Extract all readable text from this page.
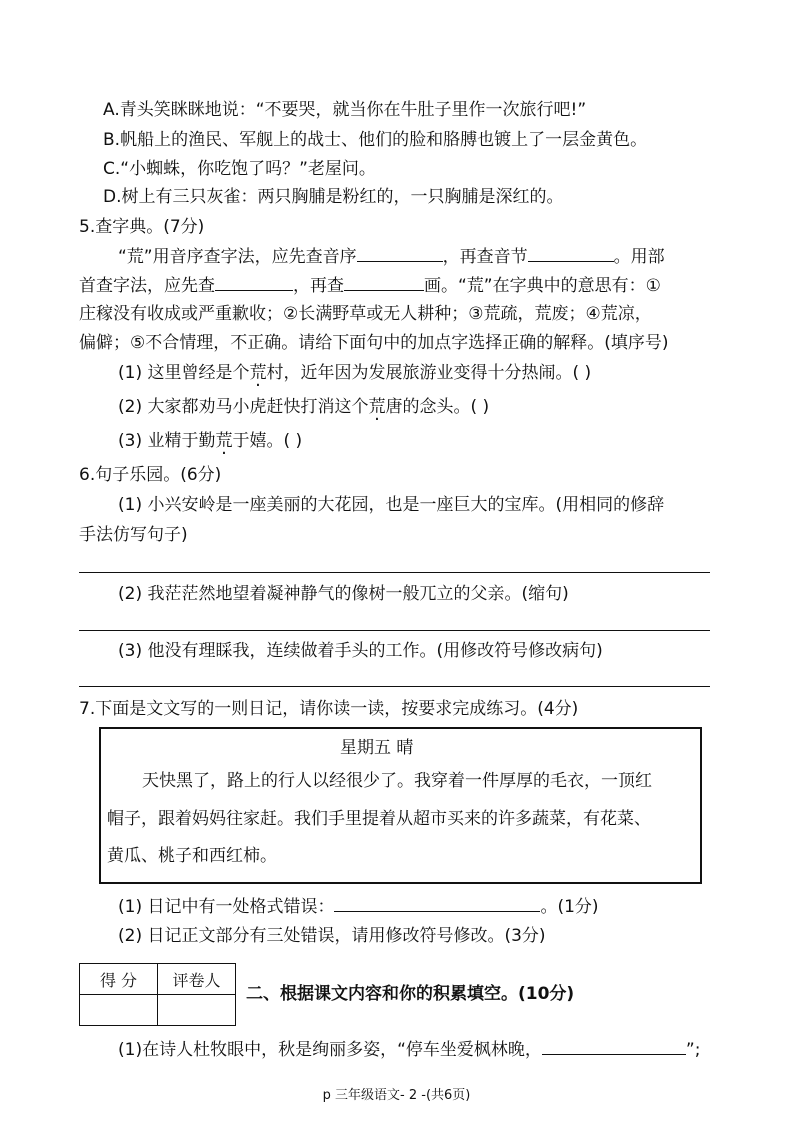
A.青头笑眯眯地说：“不要哭，就当你在牛肚子里作一次旅行吧!”
B.帆船上的渔民、军舰上的战士、他们的脸和胳膊也镀上了一层金黄色。
C.“小蜘蛛，你吃饱了吗？”老屋问。
D.树上有三只灰雀：两只胸脯是粉红的，一只胸脯是深红的。
5.查字典。(7分)
“荒”用音序查字法，应先查音序	，再查音节	。用部
首查字法，应先查	，再查	画。“荒”在字典中的意思有：①
庄稼没有收成或严重歉收；②长满野草或无人耕种；③荒疏，荒废；④荒凉，
偏僻；⑤不合情理，不正确。请给下面句中的加点字选择正确的解释。(填序号)
(1) 这里曾经是个荒村，近年因为发展旅游业变得十分热闹。( )
(2) 大家都劝马小虎赶快打消这个荒唐的念头。( )
(3) 业精于勤荒于嬉。( )
6.句子乐园。(6分)
(1) 小兴安岭是一座美丽的大花园，也是一座巨大的宝库。(用相同的修辞
手法仿写句子)
(2) 我茫茫然地望着凝神静气的像树一般兀立的父亲。(缩句)
(3) 他没有理睬我，连续做着手头的工作。(用修改符号修改病句)
7.下面是文文写的一则日记，请你读一读，按要求完成练习。(4分)
星期五 晴
天快黑了，路上的行人以经很少了。我穿着一件厚厚的毛衣，一顶红
帽子，跟着妈妈往家赶。我们手里提着从超市买来的许多蔬菜，有花菜、
黄瓜、桃子和西红柿。
(1) 日记中有一处格式错误：	。(1分)
(2) 日记正文部分有三处错误，请用修改符号修改。(3分)
得 分	评卷人

二、根据课文内容和你的积累填空。(10分)
(1)在诗人杜牧眼中，秋是绚丽多姿，“停车坐爱枫林晚，	”;
p 三年级语文- 2 -(共6页)
